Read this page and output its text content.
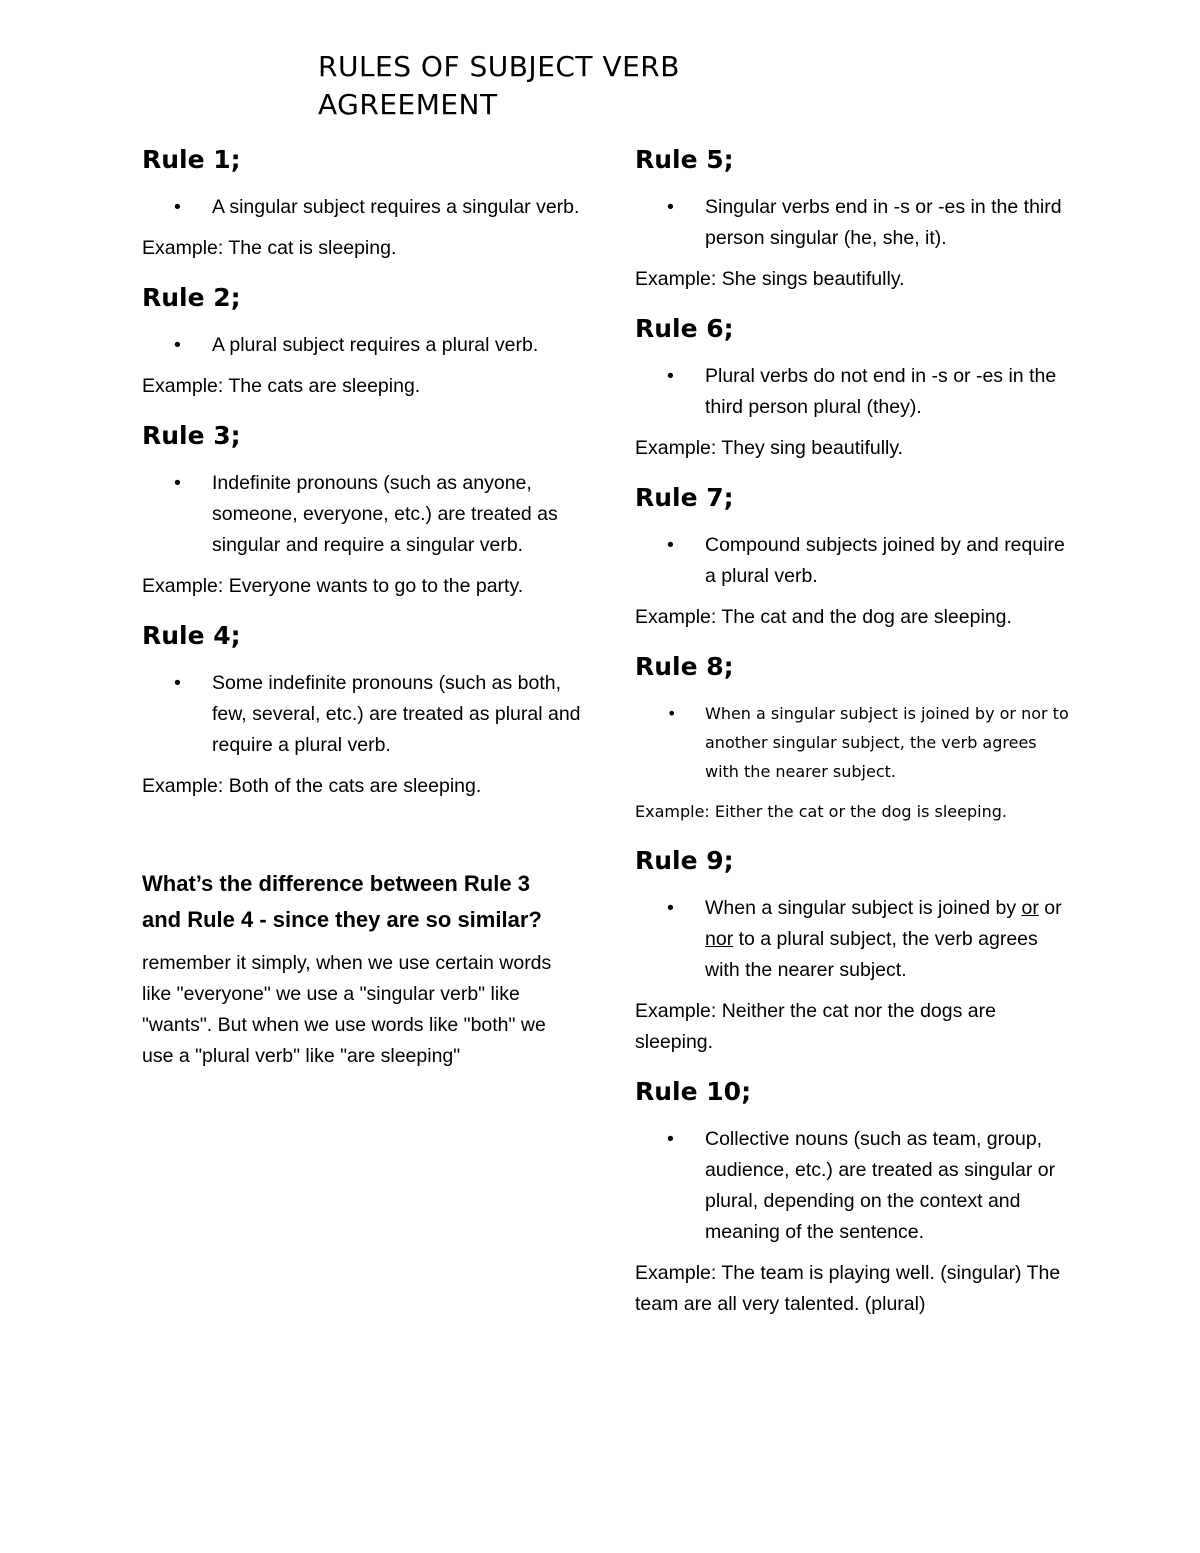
RULES OF SUBJECT VERB AGREEMENT
Rule 1;
• A singular subject requires a singular verb.

Example: The cat is sleeping.

Rule 2;
• A plural subject requires a plural verb.

Example: The cats are sleeping.

Rule 3;
• Indefinite pronouns (such as anyone, someone, everyone, etc.) are treated as singular and require a singular verb.

Example: Everyone wants to go to the party.

Rule 4;
• Some indefinite pronouns (such as both, few, several, etc.) are treated as plural and require a plural verb.

Example: Both of the cats are sleeping.

What’s the difference between Rule 3 and Rule 4 - since they are so similar?
remember it simply, when we use certain words like "everyone" we use a "singular verb" like "wants". But when we use words like "both" we use a "plural verb" like "are sleeping"
Rule 5;
• Singular verbs end in -s or -es in the third person singular (he, she, it).

Example: She sings beautifully.

Rule 6;
• Plural verbs do not end in -s or -es in the third person plural (they).

Example: They sing beautifully.

Rule 7;
• Compound subjects joined by and require a plural verb.

Example: The cat and the dog are sleeping.

Rule 8;
• When a singular subject is joined by or nor to another singular subject, the verb agrees with the nearer subject.

Example: Either the cat or the dog is sleeping.

Rule 9;
• When a singular subject is joined by or or nor to a plural subject, the verb agrees with the nearer subject.

Example: Neither the cat nor the dogs are sleeping.

Rule 10;
• Collective nouns (such as team, group, audience, etc.) are treated as singular or plural, depending on the context and meaning of the sentence.

Example: The team is playing well. (singular) The team are all very talented. (plural)
